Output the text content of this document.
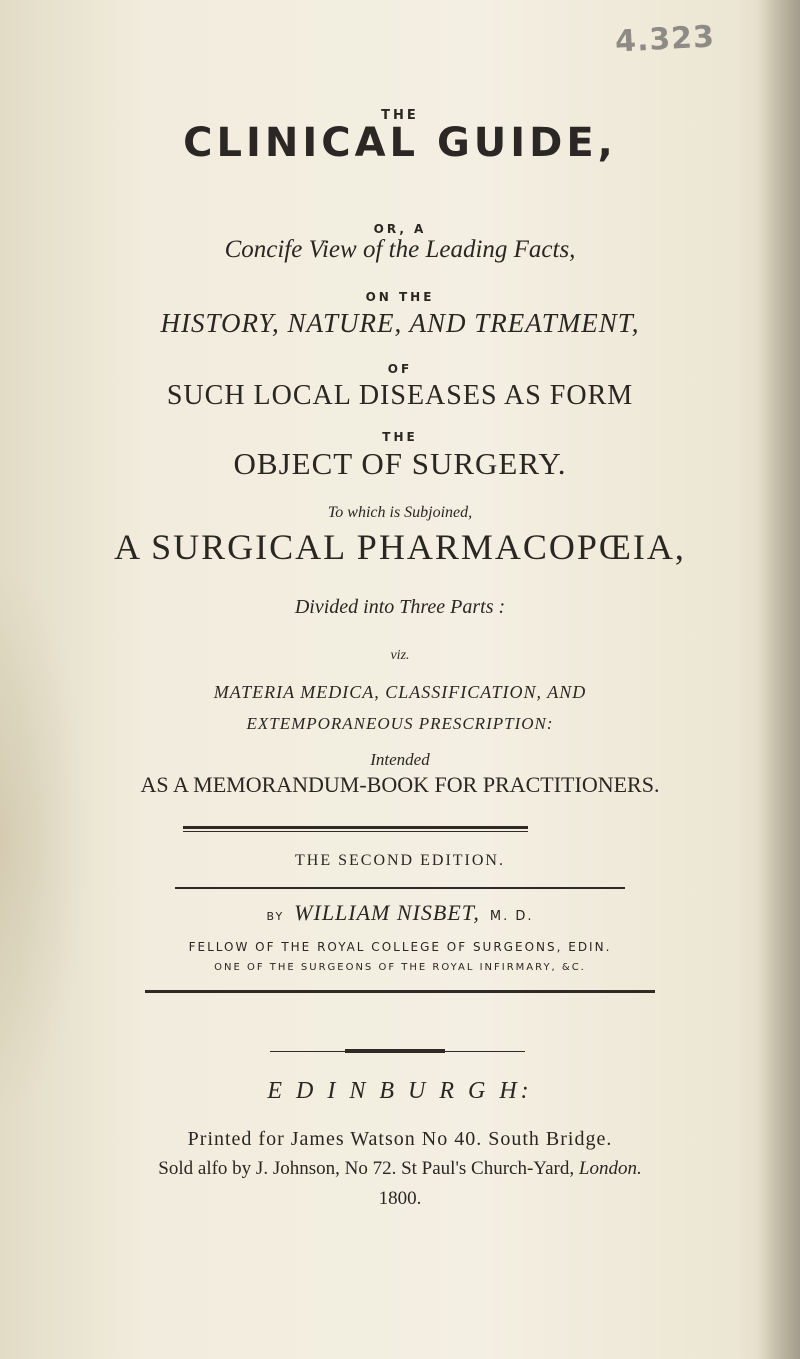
4.323
THE
CLINICAL GUIDE,
OR, A
Concife View of the Leading Facts,
ON THE
HISTORY, NATURE, AND TREATMENT,
OF
SUCH LOCAL DISEASES AS FORM
THE
OBJECT OF SURGERY.
To which is Subjoined,
A SURGICAL PHARMACOPŒIA,
Divided into Three Parts :
viz.
MATERIA MEDICA, CLASSIFICATION, AND
EXTEMPORANEOUS PRESCRIPTION:
Intended
AS A MEMORANDUM-BOOK FOR PRACTITIONERS.
THE SECOND EDITION.
BY WILLIAM NISBET, M. D.
FELLOW OF THE ROYAL COLLEGE OF SURGEONS, EDIN.
ONE OF THE SURGEONS OF THE ROYAL INFIRMARY, &C.
E D I N B U R G H:
Printed for James Watson No 40. South Bridge.
Sold alfo by J. Johnson, No 72. St Paul's Church-Yard, London.
1800.
